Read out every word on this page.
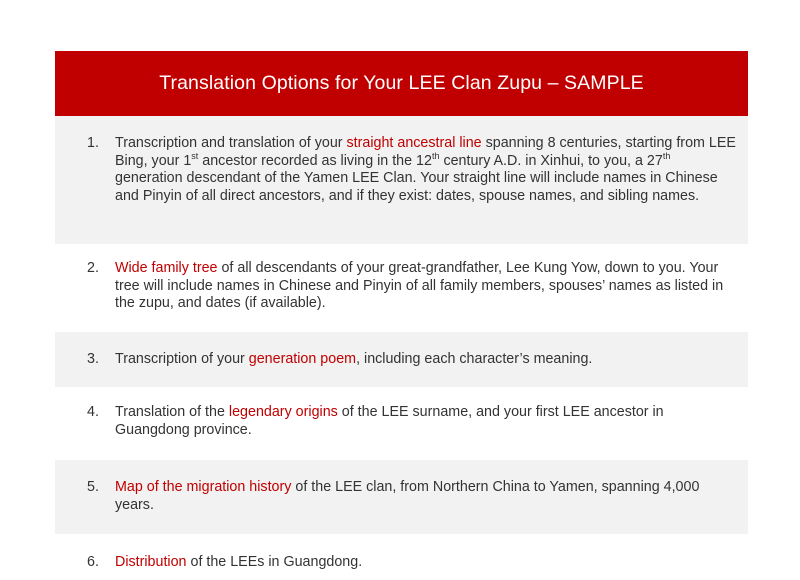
Translation Options for Your LEE Clan Zupu – SAMPLE
1.	Transcription and translation of your straight ancestral line spanning 8 centuries, starting from LEE Bing, your 1st ancestor recorded as living in the 12th century A.D. in Xinhui, to you, a 27th generation descendant of the Yamen LEE Clan. Your straight line will include names in Chinese and Pinyin of all direct ancestors, and if they exist: dates, spouse names, and sibling names.
2.	Wide family tree of all descendants of your great-grandfather, Lee Kung Yow, down to you. Your tree will include names in Chinese and Pinyin of all family members, spouses’ names as listed in the zupu, and dates (if available).
3.	Transcription of your generation poem, including each character’s meaning.
4.	Translation of the legendary origins of the LEE surname, and your first LEE ancestor in Guangdong province.
5.	Map of the migration history of the LEE clan, from Northern China to Yamen, spanning 4,000 years.
6.	Distribution of the LEEs in Guangdong.
